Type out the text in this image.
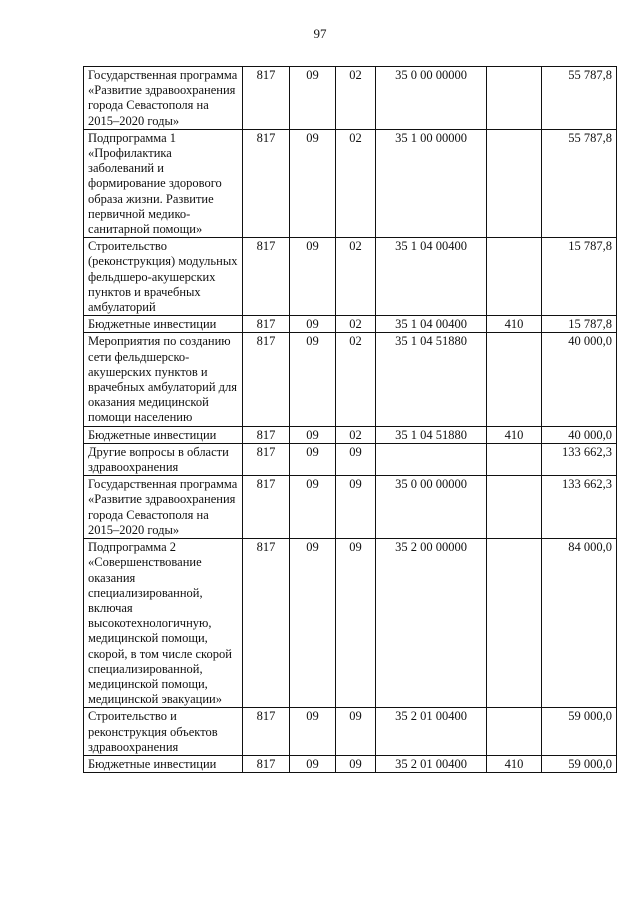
97
Государственная программа «Развитие здравоохранения города Севастополя на 2015–2020 годы»	817	09	02	35 0 00 00000		55 787,8
Подпрограмма 1 «Профилактика заболеваний и формирование здорового образа жизни. Развитие первичной медико-санитарной помощи»	817	09	02	35 1 00 00000		55 787,8
Строительство (реконструкция) модульных фельдшеро-акушерских пунктов и врачебных амбулаторий	817	09	02	35 1 04 00400		15 787,8
Бюджетные инвестиции	817	09	02	35 1 04 00400	410	15 787,8
Мероприятия по созданию сети фельдшерско-акушерских пунктов и врачебных амбулаторий для оказания медицинской помощи населению	817	09	02	35 1 04 51880		40 000,0
Бюджетные инвестиции	817	09	02	35 1 04 51880	410	40 000,0
Другие вопросы в области здравоохранения	817	09	09			133 662,3
Государственная программа «Развитие здравоохранения города Севастополя на 2015–2020 годы»	817	09	09	35 0 00 00000		133 662,3
Подпрограмма 2 «Совершенствование оказания специализированной, включая высокотехнологичную, медицинской помощи, скорой, в том числе скорой специализированной, медицинской помощи, медицинской эвакуации»	817	09	09	35 2 00 00000		84 000,0
Строительство и реконструкция объектов здравоохранения	817	09	09	35 2 01 00400		59 000,0
Бюджетные инвестиции	817	09	09	35 2 01 00400	410	59 000,0
